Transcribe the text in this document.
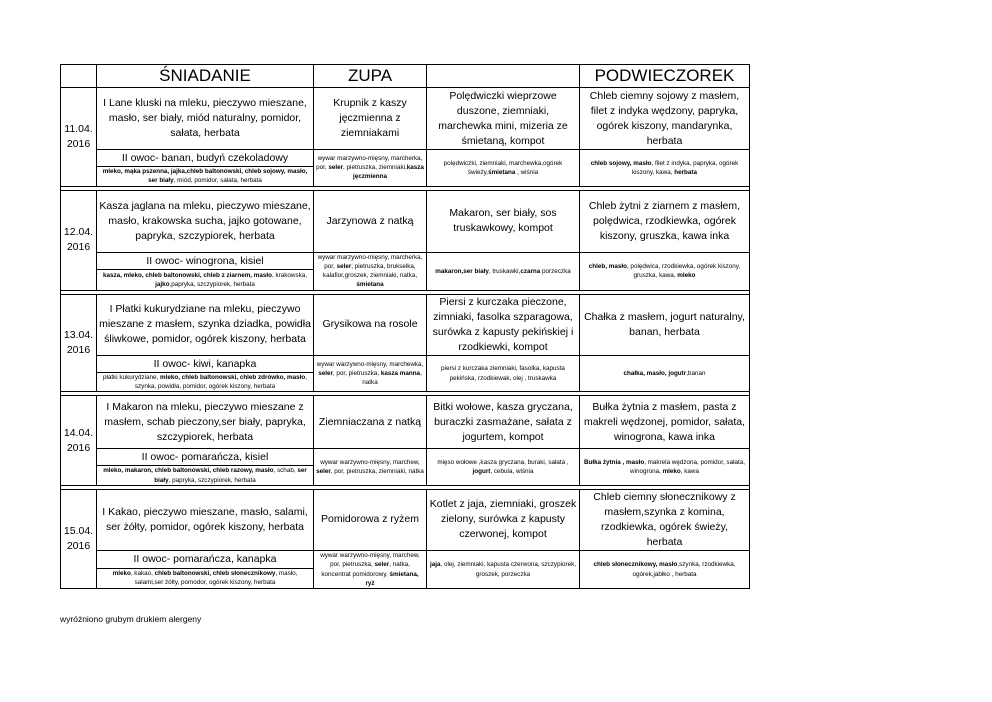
	ŚNIADANIE	ZUPA		PODWIECZOREK
11.04.
2016	I Lane kluski na mleku, pieczywo mieszane, masło, ser biały, miód naturalny, pomidor, sałata, herbata	Krupnik z kaszy jęczmienna z ziemniakami	Polędwiczki wieprzowe duszone, ziemniaki, marchewka mini, mizeria ze śmietaną, kompot	Chleb ciemny sojowy z masłem, filet z indyka wędzony, papryka, ogórek kiszony, mandarynka, herbata
	II owoc- banan, budyń czekoladowy	wywar marzywno-mięsny, marcherka, por, seler, pietruszka, ziemniaki,kasza jęczmienna	polędwiczki, ziemniaki, marchewka,ogórek świeży,śmietana , wiśnia	chleb sojowy, masło, filet z indyka, papryka, ogórek kiszony, kawa, herbata
	mleko, mąka pszenna, jajka,chleb baltonowski, chleb sojowy, masło, ser biały, miód, pomidor, sałata, herbata			

12.04.
2016	Kasza jaglana na mleku, pieczywo mieszane, masło, krakowska sucha, jajko gotowane, papryka, szczypiorek, herbata	Jarzynowa z natką	Makaron, ser biały, sos truskawkowy, kompot	Chleb żytni z ziarnem z masłem, polędwica, rzodkiewka, ogórek kiszony, gruszka, kawa inka
	II owoc- winogrona, kisiel	wywar marzywno-mięsny, marcherka, por, seler, pietruszka, brukselka, kalafior,groszek, ziemniaki, natka, śmietana	makaron,ser biały, truskawki,czarna porzeczka	chleb, masło, polędwica, rzodkiewka, ogórek kiszony, gruszka, kawa, mleko
	kasza, mleko, chleb baltonowski, chleb z ziarnem, masło, krakowska, jajko,papryka, szczypiorek, herbata			

13.04.
2016	I Płatki kukurydziane na mleku, pieczywo mieszane z masłem, szynka dziadka, powidła śliwkowe, pomidor, ogórek kiszony, herbata	Grysikowa na rosole	Piersi z kurczaka pieczone, zimniaki, fasolka szparagowa, surówka z kapusty pekińskiej i rzodkiewki, kompot	Chałka z masłem, jogurt naturalny, banan, herbata
	II owoc- kiwi, kanapka	wywar warzywno-mięsny, marchewka, seler, por, pietruszka, kasza manna, natka	piersi z kurczaka ziemniaki, fasolka, kapusta pekińska, rzodkiewak, olej , truskawka	chałka, masło, jogutr,banan
	płatki kukurydziane, mleko, chleb baltonowski, chleb zdrówko, masło, szynka, powidła, pomidor, ogórek kiszony, herbata			

14.04.
2016	I Makaron na mleku, pieczywo mieszane z masłem, schab pieczony,ser biały, papryka, szczypiorek, herbata	Ziemniaczana z natką	Bitki wołowe, kasza gryczana, buraczki zasmażane, sałata z jogurtem, kompot	Bułka żytnia z masłem, pasta z makreli wędzonej, pomidor, sałata, winogrona, kawa inka
	II owoc- pomarańcza, kisiel	wywar warzywno-mięsny, marchew, seler, por, pietruszka, ziemniaki, natka	mięso wołowe ,kasza gryczana, buraki, sałata , jogurt, cebula, wiśnia	Bułka żytnia , masło, makrela wędzona, pomidor, sałata, winogrona, mleko, kawa
	mleko, makaron, chleb baltonowski, chleb razowy, masło, schab, ser biały, papryka, szczypiorek, herbata			

15.04.
2016	I Kakao, pieczywo mieszane, masło, salami, ser żółty, pomidor, ogórek kiszony, herbata	Pomidorowa z ryżem	Kotlet z jaja, ziemniaki, groszek zielony, surówka z kapusty czerwonej, kompot	Chleb ciemny słonecznikowy z masłem,szynka z komina, rzodkiewka, ogórek świeży, herbata
	II owoc- pomarańcza, kanapka	wywar warzywno-mięsny, marchew, por, pietruszka, seler, natka, koncentrat pomidorowy, śmietana, ryż	jaja, olej, ziemniaki, kapusta czerwona, szczypiorek, groszek, porzeczka	chleb słonecznikowy, masło,szynka, rzodkiewka, ogórek,jabłko , herbata
	mleko, kakao, chleb baltonowski, chleb słonecznikowy, masło, salami,ser żółty, pomodor, ogórek kiszony, herbata			
wyróżniono grubym drukiem alergeny
